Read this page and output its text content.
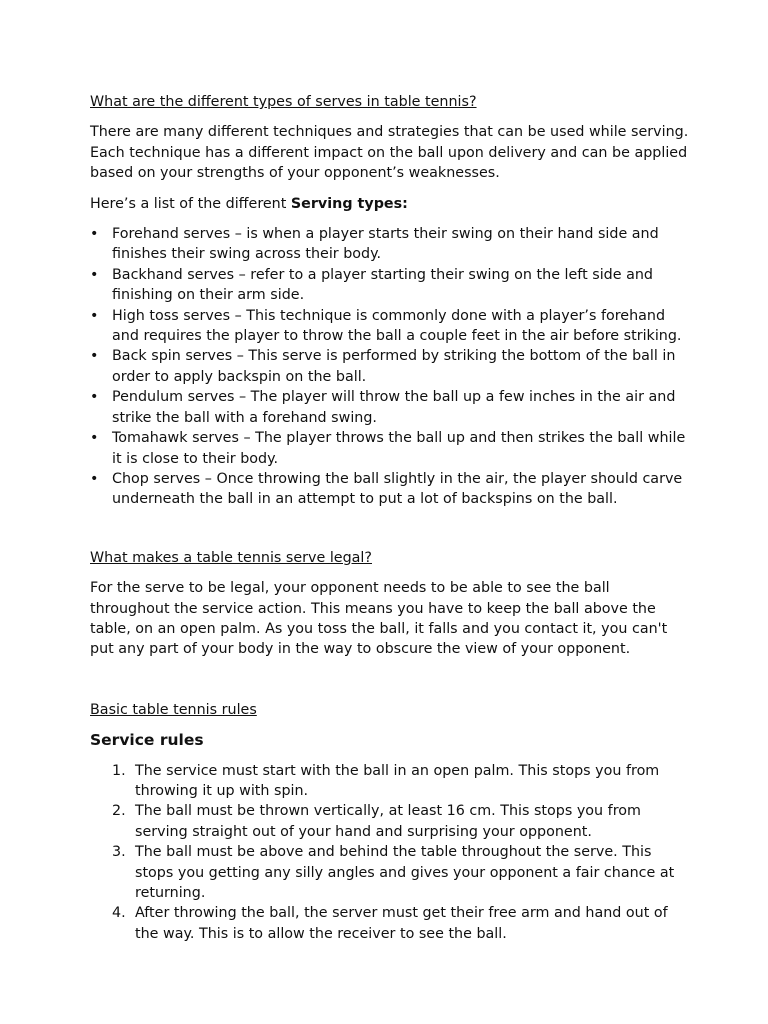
What are the different types of serves in table tennis?

There are many different techniques and strategies that can be used while serving. Each technique has a different impact on the ball upon delivery and can be applied based on your strengths of your opponent’s weaknesses.

Here’s a list of the different Serving types:

• Forehand serves – is when a player starts their swing on their hand side and finishes their swing across their body.
• Backhand serves – refer to a player starting their swing on the left side and finishing on their arm side.
• High toss serves – This technique is commonly done with a player’s forehand and requires the player to throw the ball a couple feet in the air before striking.
• Back spin serves – This serve is performed by striking the bottom of the ball in order to apply backspin on the ball.
• Pendulum serves – The player will throw the ball up a few inches in the air and strike the ball with a forehand swing.
• Tomahawk serves – The player throws the ball up and then strikes the ball while it is close to their body.
• Chop serves – Once throwing the ball slightly in the air, the player should carve underneath the ball in an attempt to put a lot of backspins on the ball.

What makes a table tennis serve legal?

For the serve to be legal, your opponent needs to be able to see the ball throughout the service action. This means you have to keep the ball above the table, on an open palm. As you toss the ball, it falls and you contact it, you can't put any part of your body in the way to obscure the view of your opponent.

Basic table tennis rules

Service rules

1. The service must start with the ball in an open palm. This stops you from throwing it up with spin.
2. The ball must be thrown vertically, at least 16 cm. This stops you from serving straight out of your hand and surprising your opponent.
3. The ball must be above and behind the table throughout the serve. This stops you getting any silly angles and gives your opponent a fair chance at returning.
4. After throwing the ball, the server must get their free arm and hand out of the way. This is to allow the receiver to see the ball.
